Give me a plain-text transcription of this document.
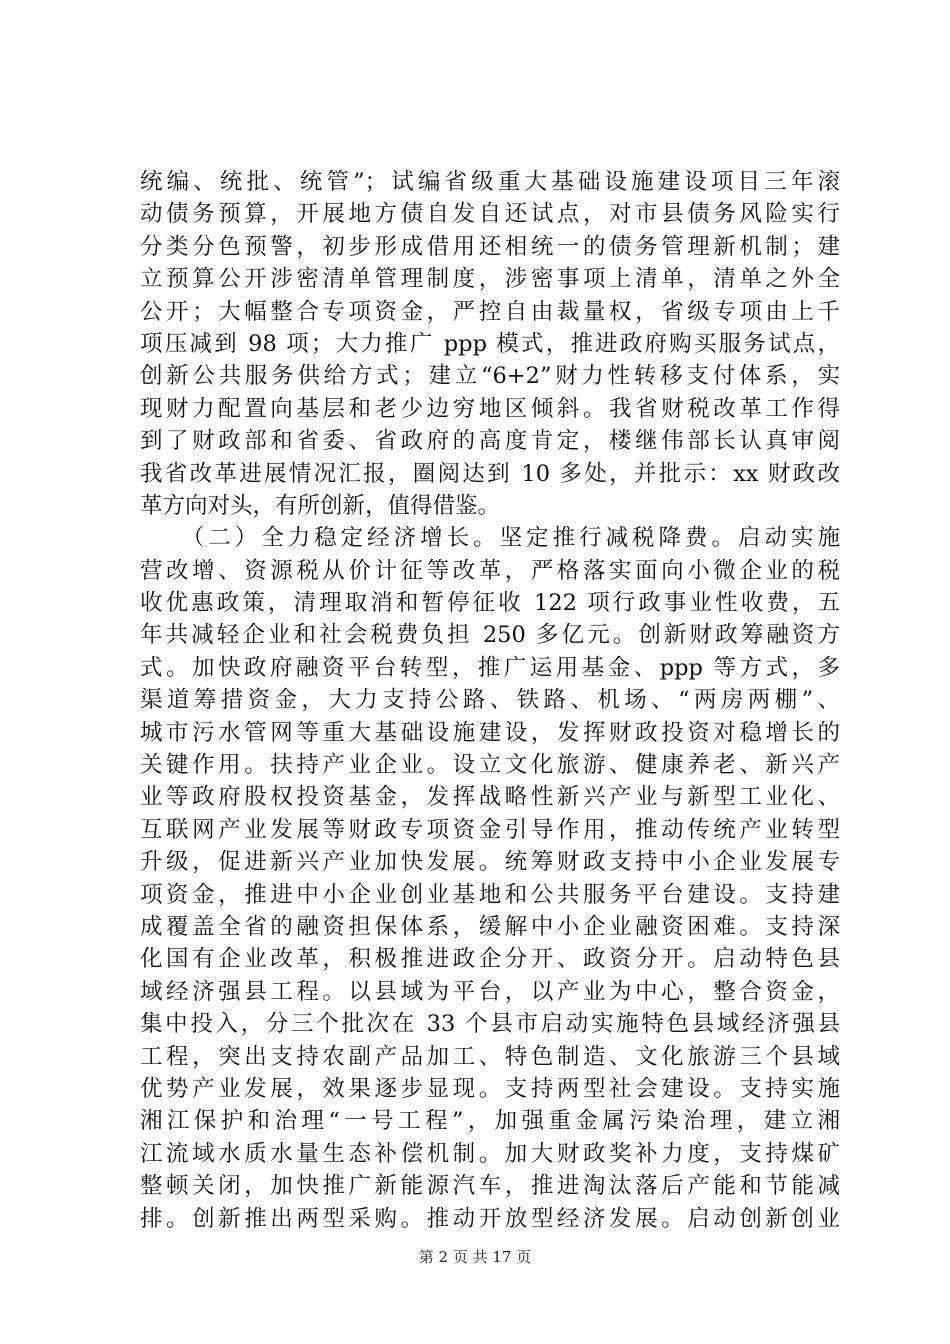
统编、统批、统管”；试编省级重大基础设施建设项目三年滚
动债务预算，开展地方债自发自还试点，对市县债务风险实行
分类分色预警，初步形成借用还相统一的债务管理新机制；建
立预算公开涉密清单管理制度，涉密事项上清单，清单之外全
公开；大幅整合专项资金，严控自由裁量权，省级专项由上千
项压减到 98 项；大力推广 ppp 模式，推进政府购买服务试点，
创新公共服务供给方式；建立“6+2”财力性转移支付体系，实
现财力配置向基层和老少边穷地区倾斜。我省财税改革工作得
到了财政部和省委、省政府的高度肯定，楼继伟部长认真审阅
我省改革进展情况汇报，圈阅达到 10 多处，并批示：xx 财政改
革方向对头，有所创新，值得借鉴。
　　（二）全力稳定经济增长。坚定推行减税降费。启动实施
营改增、资源税从价计征等改革，严格落实面向小微企业的税
收优惠政策，清理取消和暂停征收 122 项行政事业性收费，五
年共减轻企业和社会税费负担 250 多亿元。创新财政筹融资方
式。加快政府融资平台转型，推广运用基金、ppp 等方式，多
渠道筹措资金，大力支持公路、铁路、机场、“两房两棚”、
城市污水管网等重大基础设施建设，发挥财政投资对稳增长的
关键作用。扶持产业企业。设立文化旅游、健康养老、新兴产
业等政府股权投资基金，发挥战略性新兴产业与新型工业化、
互联网产业发展等财政专项资金引导作用，推动传统产业转型
升级，促进新兴产业加快发展。统筹财政支持中小企业发展专
项资金，推进中小企业创业基地和公共服务平台建设。支持建
成覆盖全省的融资担保体系，缓解中小企业融资困难。支持深
化国有企业改革，积极推进政企分开、政资分开。启动特色县
域经济强县工程。以县域为平台，以产业为中心，整合资金，
集中投入，分三个批次在 33 个县市启动实施特色县域经济强县
工程，突出支持农副产品加工、特色制造、文化旅游三个县域
优势产业发展，效果逐步显现。支持两型社会建设。支持实施
湘江保护和治理“一号工程”，加强重金属污染治理，建立湘
江流域水质水量生态补偿机制。加大财政奖补力度，支持煤矿
整顿关闭，加快推广新能源汽车，推进淘汰落后产能和节能减
排。创新推出两型采购。推动开放型经济发展。启动创新创业
第 2 页 共 17 页
